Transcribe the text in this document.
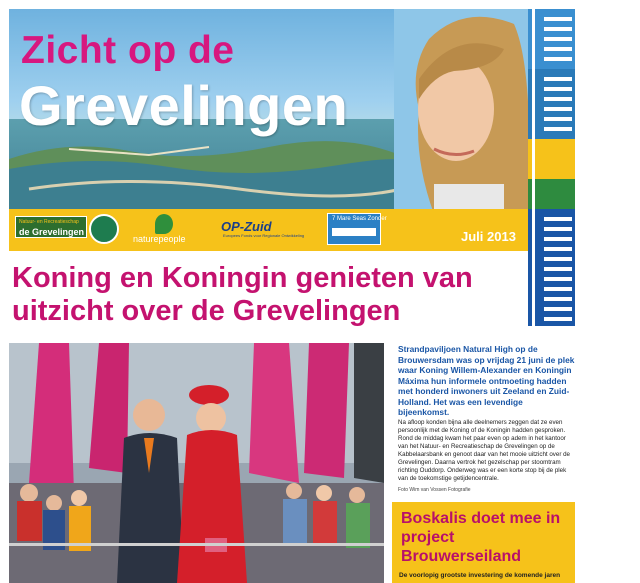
Zicht op de
Grevelingen
Natuur- en Recreatieschap
de Grevelingen
naturepeople
OP-Zuid
Europees Fonds voor Regionale Ontwikkeling
7 Mare Seas Zonder
Juli 2013
Koning en Koningin genieten van uitzicht over de Grevelingen
Strandpaviljoen Natural High op de Brouwersdam was op vrijdag 21 juni de plek waar Koning Willem-Alexander en Koningin Máxima hun informele ontmoeting hadden met honderd inwoners uit Zeeland en Zuid-Holland. Het was een levendige bijeenkomst.
Na afloop konden bijna alle deelnemers zeggen dat ze even persoonlijk met de Koning of de Koningin hadden gesproken. Rond de middag kwam het paar even op adem in het kantoor van het Natuur- en Recreatieschap de Grevelingen op de Kabbelaarsbank en genoot daar van het mooie uitzicht over de Grevelingen. Daarna vertrok het gezelschap per stoomtram richting Ouddorp. Onderweg was er een korte stop bij de plek van de toekomstige getijdencentrale.
Foto Wim van Vossen Fotografie
Boskalis doet mee in project Brouwerseiland
De voorlopig grootste investering de komende jaren
